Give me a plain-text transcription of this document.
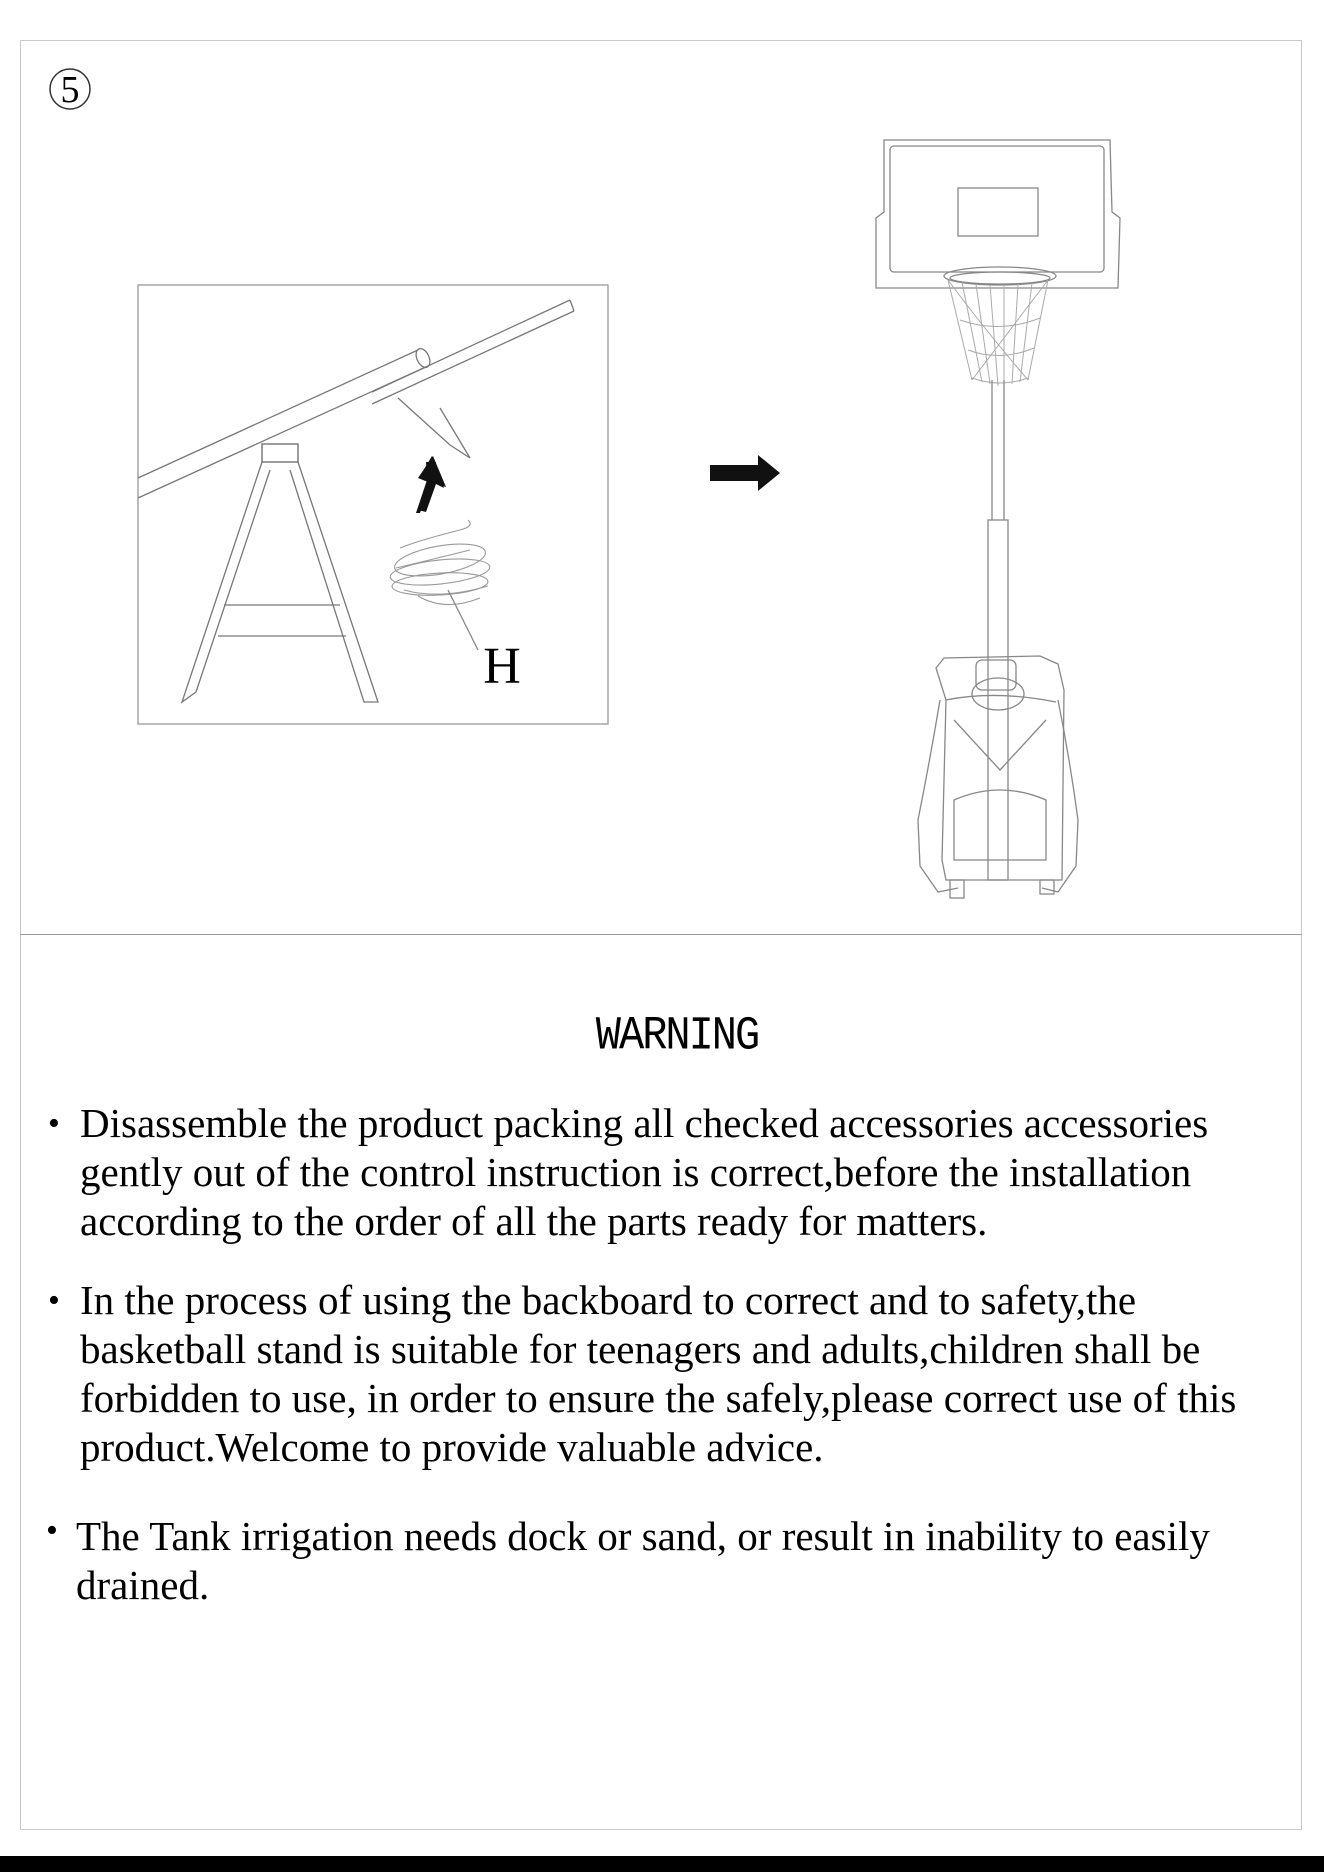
5
H
WARNING
• Disassemble the product packing all checked accessories accessories
gently out of the control instruction is correct,before the installation
according to the order of all the parts ready for matters.
• In the process of using the backboard to correct and to safety,the
basketball stand is suitable for teenagers and adults,children shall be
forbidden to use, in order to ensure the safely,please correct use of this
product.Welcome to provide valuable advice.
• The Tank irrigation needs dock or sand, or result in inability to easily
drained.
